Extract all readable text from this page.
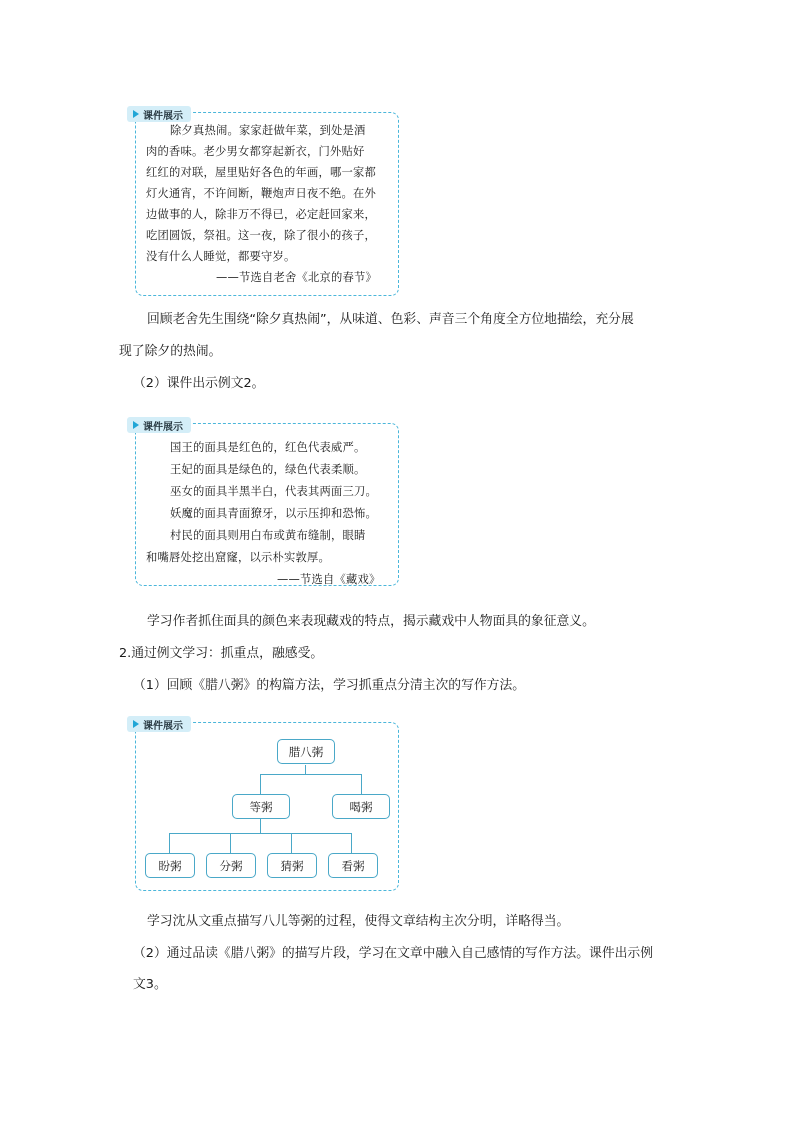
课件展示
除夕真热闹。家家赶做年菜，到处是酒
肉的香味。老少男女都穿起新衣，门外贴好
红红的对联，屋里贴好各色的年画，哪一家都
灯火通宵，不许间断，鞭炮声日夜不绝。在外
边做事的人，除非万不得已，必定赶回家来，
吃团圆饭，祭祖。这一夜，除了很小的孩子，
没有什么人睡觉，都要守岁。
——节选自老舍《北京的春节》
回顾老舍先生围绕“除夕真热闹”，从味道、色彩、声音三个角度全方位地描绘，充分展
现了除夕的热闹。
（2）课件出示例文2。
课件展示
国王的面具是红色的，红色代表威严。
王妃的面具是绿色的，绿色代表柔顺。
巫女的面具半黑半白，代表其两面三刀。
妖魔的面具青面獠牙，以示压抑和恐怖。
村民的面具则用白布或黄布缝制，眼睛
和嘴唇处挖出窟窿，以示朴实敦厚。
——节选自《藏戏》
学习作者抓住面具的颜色来表现藏戏的特点，揭示藏戏中人物面具的象征意义。
2.通过例文学习：抓重点，融感受。
（1）回顾《腊八粥》的构篇方法，学习抓重点分清主次的写作方法。
课件展示
腊八粥
等粥	喝粥
盼粥	分粥	猜粥	看粥
学习沈从文重点描写八儿等粥的过程，使得文章结构主次分明，详略得当。
（2）通过品读《腊八粥》的描写片段，学习在文章中融入自己感情的写作方法。课件出示例
文3。
